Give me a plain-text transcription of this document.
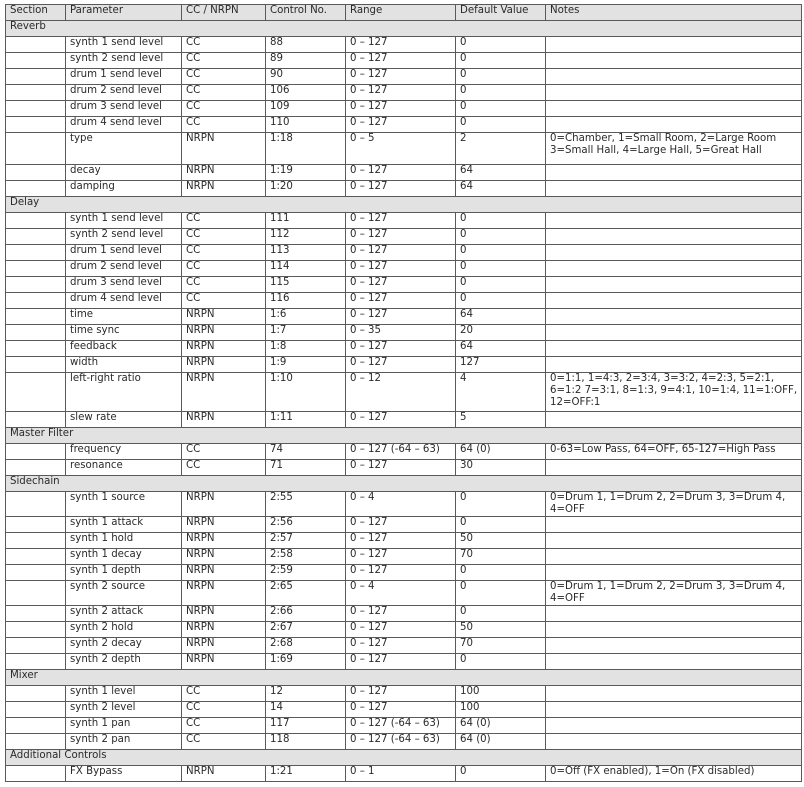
Section	Parameter	CC / NRPN	Control No.	Range	Default Value	Notes
Reverb						
	synth 1 send level	CC	88	0 – 127	0	
	synth 2 send level	CC	89	0 – 127	0	
	drum 1 send level	CC	90	0 – 127	0	
	drum 2 send level	CC	106	0 – 127	0	
	drum 3 send level	CC	109	0 – 127	0	
	drum 4 send level	CC	110	0 – 127	0	
	type	NRPN	1:18	0 – 5	2	0=Chamber, 1=Small Room, 2=Large Room 3=Small Hall, 4=Large Hall, 5=Great Hall
	decay	NRPN	1:19	0 – 127	64	
	damping	NRPN	1:20	0 – 127	64	
Delay						
	synth 1 send level	CC	111	0 – 127	0	
	synth 2 send level	CC	112	0 – 127	0	
	drum 1 send level	CC	113	0 – 127	0	
	drum 2 send level	CC	114	0 – 127	0	
	drum 3 send level	CC	115	0 – 127	0	
	drum 4 send level	CC	116	0 – 127	0	
	time	NRPN	1:6	0 – 127	64	
	time sync	NRPN	1:7	0 – 35	20	
	feedback	NRPN	1:8	0 – 127	64	
	width	NRPN	1:9	0 – 127	127	
	left-right ratio	NRPN	1:10	0 – 12	4	0=1:1, 1=4:3, 2=3:4, 3=3:2, 4=2:3, 5=2:1, 6=1:2 7=3:1, 8=1:3, 9=4:1, 10=1:4, 11=1:OFF, 12=OFF:1
	slew rate	NRPN	1:11	0 – 127	5	
Master Filter						
	frequency	CC	74	0 – 127 (-64 – 63)	64 (0)	0-63=Low Pass, 64=OFF, 65-127=High Pass
	resonance	CC	71	0 – 127	30	
Sidechain						
	synth 1 source	NRPN	2:55	0 – 4	0	0=Drum 1, 1=Drum 2, 2=Drum 3, 3=Drum 4, 4=OFF
	synth 1 attack	NRPN	2:56	0 – 127	0	
	synth 1 hold	NRPN	2:57	0 – 127	50	
	synth 1 decay	NRPN	2:58	0 – 127	70	
	synth 1 depth	NRPN	2:59	0 – 127	0	
	synth 2 source	NRPN	2:65	0 – 4	0	0=Drum 1, 1=Drum 2, 2=Drum 3, 3=Drum 4, 4=OFF
	synth 2 attack	NRPN	2:66	0 – 127	0	
	synth 2 hold	NRPN	2:67	0 – 127	50	
	synth 2 decay	NRPN	2:68	0 – 127	70	
	synth 2 depth	NRPN	1:69	0 – 127	0	
Mixer						
	synth 1 level	CC	12	0 – 127	100	
	synth 2 level	CC	14	0 – 127	100	
	synth 1 pan	CC	117	0 – 127 (-64 – 63)	64 (0)	
	synth 2 pan	CC	118	0 – 127 (-64 – 63)	64 (0)	
Additional Controls						
	FX Bypass	NRPN	1:21	0 – 1	0	0=Off (FX enabled), 1=On (FX disabled)
